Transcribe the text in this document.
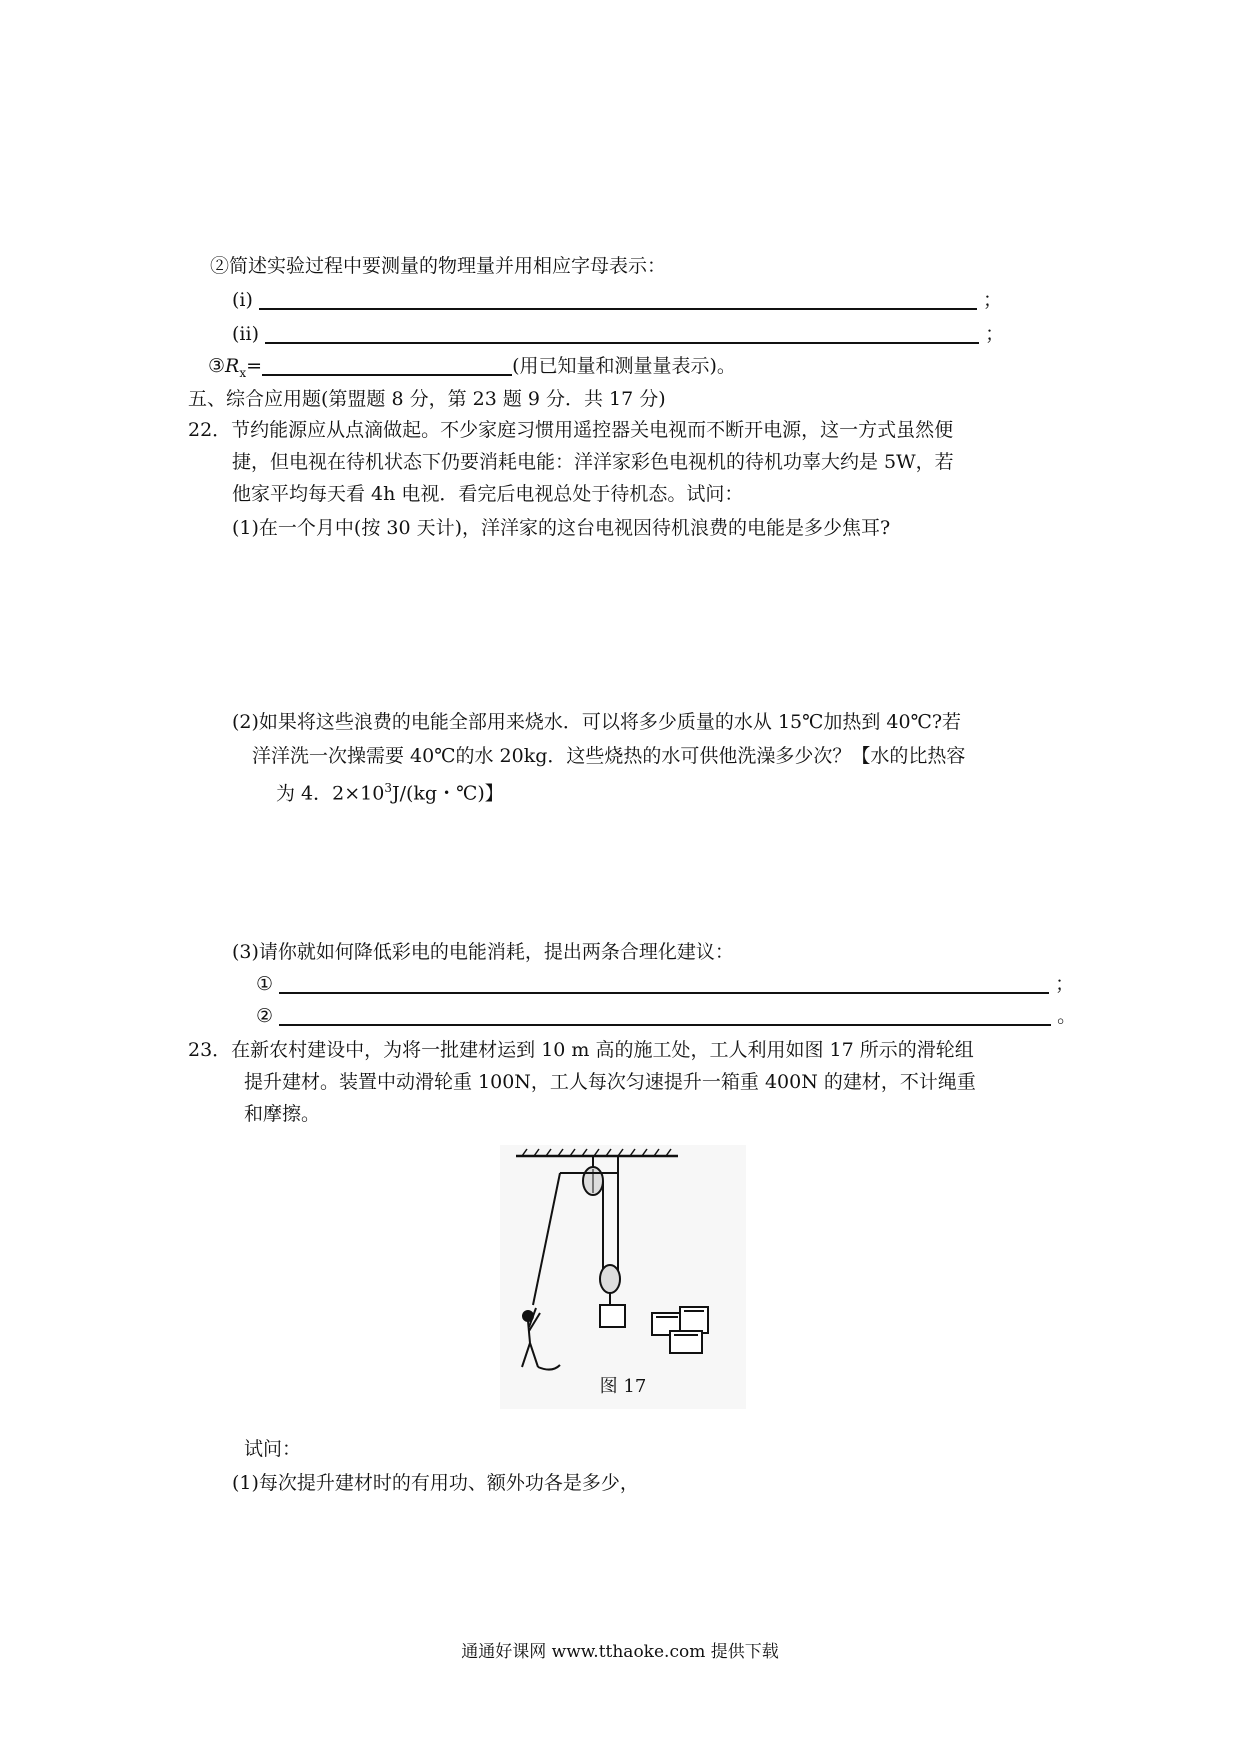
②简述实验过程中要测量的物理量并用相应字母表示：
(i)	；
(ii)	；
$③R_x=$	(用已知量和测量量表示)。
五、综合应用题(第盟题 8 分，第 23 题 9 分．共 17 分)
22．节约能源应从点滴做起。不少家庭习惯用遥控器关电视而不断开电源，这一方式虽然便
捷，但电视在待机状态下仍要消耗电能：洋洋家彩色电视机的待机功辜大约是 5W，若
他家平均每天看 4h 电视．看完后电视总处于待机态。试问：
(1)在一个月中(按 30 天计)，洋洋家的这台电视因待机浪费的电能是多少焦耳?
(2)如果将这些浪费的电能全部用来烧水．可以将多少质量的水从 15℃加热到 40℃?若
洋洋洗一次操需要 40℃的水 20kg．这些烧热的水可供他洗澡多少次？【水的比热容
为 4．$2\times 10^3J/(kg$・℃)】
(3)请你就如何降低彩电的电能消耗，提出两条合理化建议：
①	；
②	。
23．在新农村建设中，为将一批建材运到 10 m 高的施工处，工人利用如图 17 所示的滑轮组
提升建材。装置中动滑轮重 100N，工人每次匀速提升一箱重 400N 的建材，不计绳重
和摩擦。
图 17
试问：
(1)每次提升建材时的有用功、额外功各是多少，
通通好课网 www.tthaoke.com 提供下载
